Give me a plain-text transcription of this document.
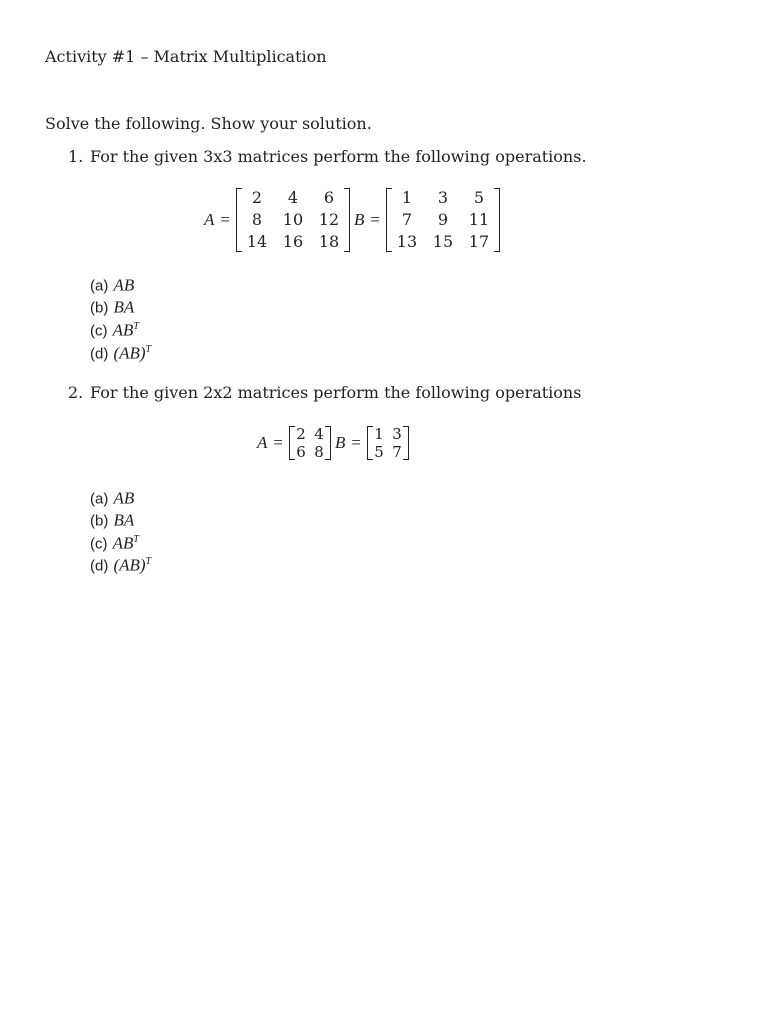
Activity #1 – Matrix Multiplication
Solve the following. Show your solution.
1. For the given 3x3 matrices perform the following operations.
A =
2	4	6
8	10 12
14 16 18
B =
1	3	5
7	9	11
13 15 17
(a) AB
(b) BA
(c) $AB^T$
(d) (AB)$^T$
2. For the given 2x2 matrices perform the following operations
A = 2 4
6 8 B = 1 3
5 7
(a) AB
(b) BA
(c) $AB^T$
(d) (AB)$^T$
